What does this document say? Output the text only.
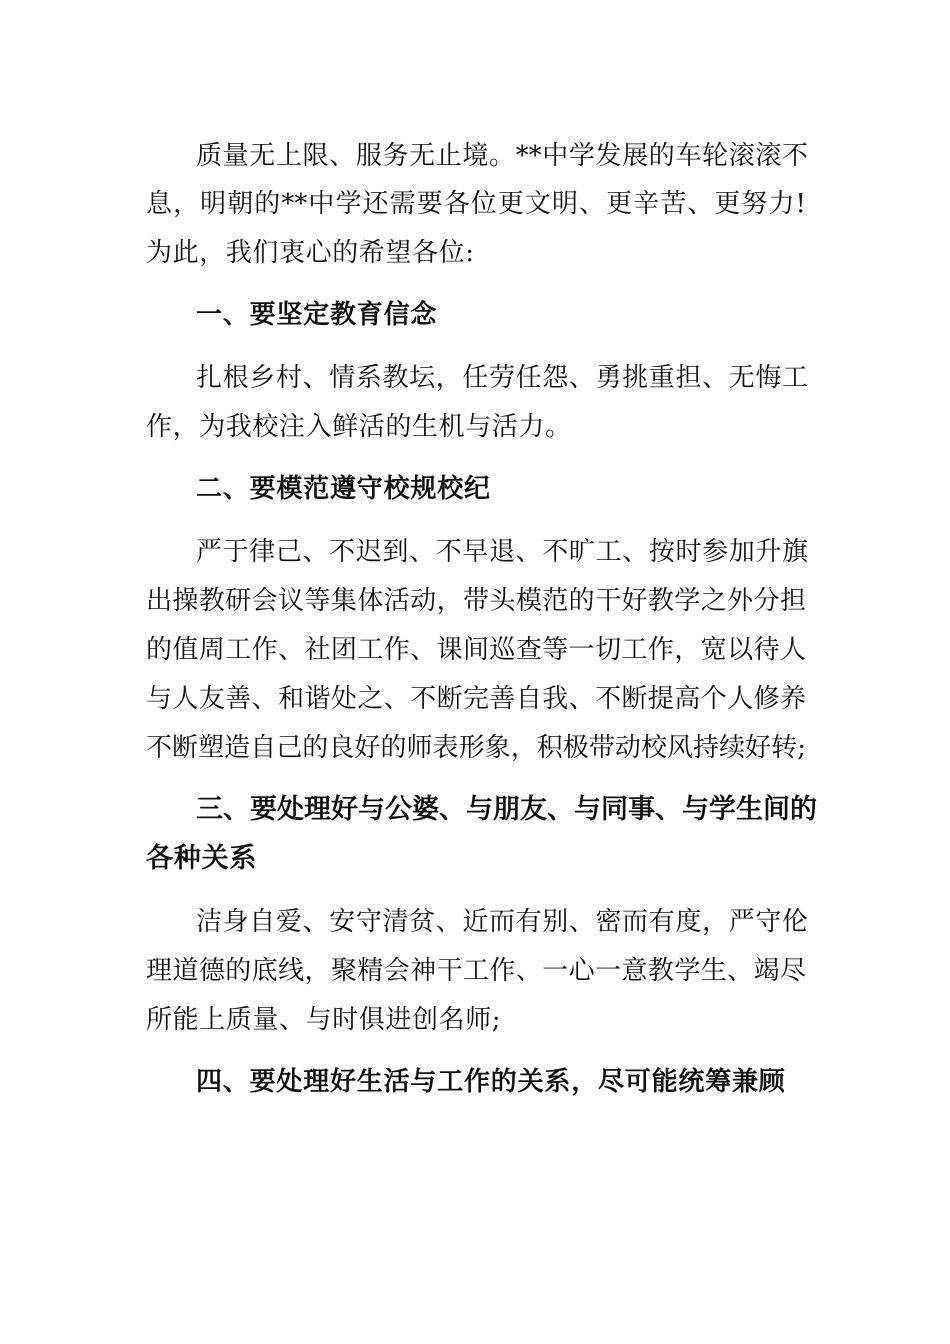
质量无上限、服务无止境。**中学发展的车轮滚滚不
息，明朝的**中学还需要各位更文明、更辛苦、更努力!
为此，我们衷心的希望各位:
一、要坚定教育信念
扎根乡村、情系教坛，任劳任怨、勇挑重担、无悔工
作，为我校注入鲜活的生机与活力。
二、要模范遵守校规校纪
严于律己、不迟到、不早退、不旷工、按时参加升旗
出操教研会议等集体活动，带头模范的干好教学之外分担
的值周工作、社团工作、课间巡查等一切工作，宽以待人
与人友善、和谐处之、不断完善自我、不断提高个人修养
不断塑造自己的良好的师表形象，积极带动校风持续好转;
三、要处理好与公婆、与朋友、与同事、与学生间的
各种关系
洁身自爱、安守清贫、近而有别、密而有度，严守伦
理道德的底线，聚精会神干工作、一心一意教学生、竭尽
所能上质量、与时俱进创名师;
四、要处理好生活与工作的关系，尽可能统筹兼顾
